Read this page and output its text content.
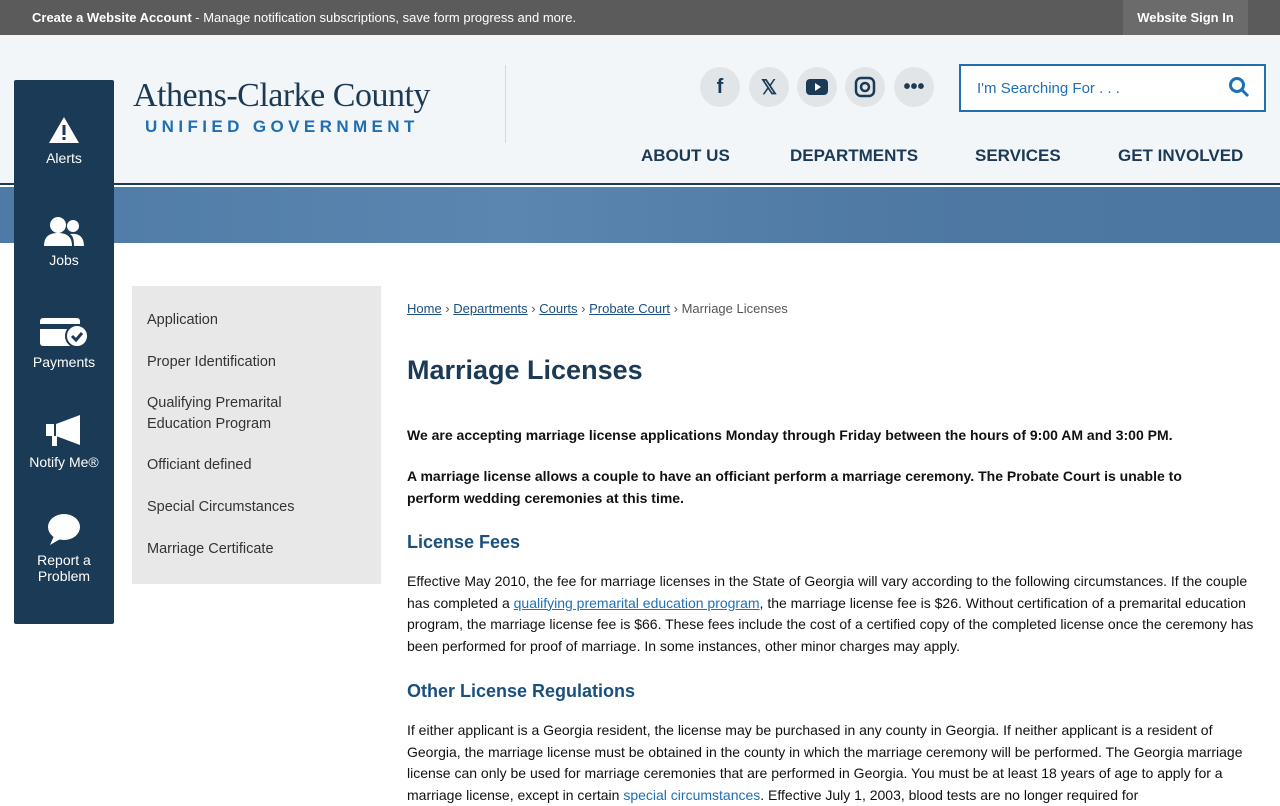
Create a Website Account - Manage notification subscriptions, save form progress and more.	Website Sign In
Athens-Clarke County
UNIFIED GOVERNMENT
f	𝕏	•••	I'm Searching For . . .
ABOUT US	DEPARTMENTS	SERVICES	GET INVOLVED
Alerts
Jobs
Payments
Notify Me®
Report a Problem
Application
Proper Identification
Qualifying Premarital Education Program
Officiant defined
Special Circumstances
Marriage Certificate
Home › Departments › Courts › Probate Court › Marriage Licenses
Marriage Licenses
We are accepting marriage license applications Monday through Friday between the hours of 9:00 AM and 3:00 PM.
A marriage license allows a couple to have an officiant perform a marriage ceremony. The Probate Court is unable to perform wedding ceremonies at this time.
License Fees
Effective May 2010, the fee for marriage licenses in the State of Georgia will vary according to the following circumstances. If the couple has completed a qualifying premarital education program, the marriage license fee is $26. Without certification of a premarital education program, the marriage license fee is $66. These fees include the cost of a certified copy of the completed license once the ceremony has been performed for proof of marriage. In some instances, other minor charges may apply.
Other License Regulations
If either applicant is a Georgia resident, the license may be purchased in any county in Georgia. If neither applicant is a resident of Georgia, the marriage license must be obtained in the county in which the marriage ceremony will be performed. The Georgia marriage license can only be used for marriage ceremonies that are performed in Georgia. You must be at least 18 years of age to apply for a marriage license, except in certain special circumstances. Effective July 1, 2003, blood tests are no longer required for
